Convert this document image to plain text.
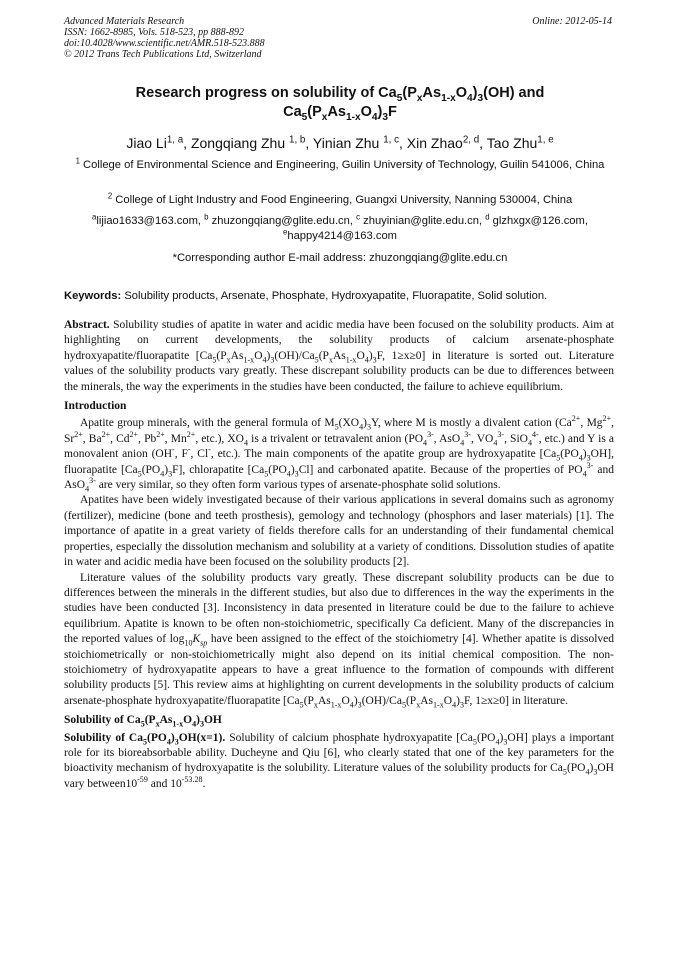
Advanced Materials Research
ISSN: 1662-8985, Vols. 518-523, pp 888-892
doi:10.4028/www.scientific.net/AMR.518-523.888
© 2012 Trans Tech Publications Ltd, Switzerland
Online: 2012-05-14
Research progress on solubility of $Ca_5(P_xAs_{1-x}O_4)_3(OH)$ and
$Ca_5(P_xAs_{1-x}O_4)_3F$
Jiao Li$^{1, a}$, Zongqiang Zhu $^{1, b}$, Yinian Zhu $^{1, c}$, Xin Zhao$^{2, d}$, Tao Zhu$^{1, e}$
$^1$ College of Environmental Science and Engineering, Guilin University of Technology, Guilin 541006, China
$^2$ College of Light Industry and Food Engineering, Guangxi University, Nanning 530004, China
$^a$lijiao1633@163.com, $^b$ zhuzongqiang@glite.edu.cn, $^c$ zhuyinian@glite.edu.cn, $^d$ glzhxgx@126.com, $^e$happy4214@163.com
*Corresponding author E-mail address: zhuzongqiang@glite.edu.cn
Keywords: Solubility products, Arsenate, Phosphate, Hydroxyapatite, Fluorapatite, Solid solution.

Abstract. Solubility studies of apatite in water and acidic media have been focused on the solubility products. Aim at highlighting on current developments, the solubility products of calcium arsenate-phosphate hydroxyapatite/fluorapatite [$Ca_5(P_xAs_{1-x}O_4)_3(OH)/Ca_5(P_xAs_{1-x}O_4)_3F$, 1≥x≥0] in literature is sorted out. Literature values of the solubility products vary greatly. These discrepant solubility products can be due to differences between the minerals, the way the experiments in the studies have been conducted, the failure to achieve equilibrium.

Introduction

Apatite group minerals, with the general formula of $M_5(XO_4)_3Y$, where M is mostly a divalent cation ($Ca^{2+}$, $Mg^{2+}$, $Sr^{2+}$, $Ba^{2+}$, $Cd^{2+}$, $Pb^{2+}$, $Mn^{2+}$, etc.), $XO_4$ is a trivalent or tetravalent anion ($PO_4^{3-}$, AsO$_4^{3-}$, $VO_4^{3-}$, SiO$_4^{4-}$, etc.) and Y is a monovalent anion (OH-, F-, Cl-, etc.). The main components of the apatite group are hydroxyapatite $[Ca_5(PO_4)_3OH]$, fluorapatite $[Ca_5(PO_4)_3F]$, chlorapatite $[Ca_5(PO_4)_3Cl]$ and carbonated apatite. Because of the properties of $PO_4^{3-}$ and AsO$_4^{3-}$ are very similar, so they often form various types of arsenate-phosphate solid solutions.

Apatites have been widely investigated because of their various applications in several domains such as agronomy (fertilizer), medicine (bone and teeth prosthesis), gemology and technology (phosphors and laser materials) [1]. The importance of apatite in a great variety of fields therefore calls for an understanding of their fundamental chemical properties, especially the dissolution mechanism and solubility at a variety of conditions. Dissolution studies of apatite in water and acidic media have been focused on the solubility products [2].

Literature values of the solubility products vary greatly. These discrepant solubility products can be due to differences between the minerals in the different studies, but also due to differences in the way the experiments in the studies have been conducted [3]. Inconsistency in data presented in literature could be due to the failure to achieve equilibrium. Apatite is known to be often non-stoichiometric, specifically Ca deficient. Many of the discrepancies in the reported values of $\log_{10}K_{sp}$ have been assigned to the effect of the stoichiometry [4]. Whether apatite is dissolved stoichiometrically or non-stoichiometrically might also depend on its initial chemical composition. The non-stoichiometry of hydroxyapatite appears to have a great influence to the formation of compounds with different solubility products [5]. This review aims at highlighting on current developments in the solubility products of calcium arsenate-phosphate hydroxyapatite/fluorapatite [$Ca_5(P_xAs_{1-x}O_4)_3(OH)/Ca_5(P_xAs_{1-x}O_4)_3F$, 1≥x≥0] in literature.

Solubility of $Ca_5(P_xAs_{1-x}O_4)_3OH$

Solubility of $Ca_5(PO_4)_3OH(x=1)$. Solubility of calcium phosphate hydroxyapatite $[Ca_5(PO_4)_3OH]$ plays a important role for its bioreabsorbable ability. Ducheyne and Qiu [6], who clearly stated that one of the key parameters for the bioactivity mechanism of hydroxyapatite is the solubility. Literature values of the solubility products for $Ca_5(PO_4)_3OH$ vary $between10^{-59}$ and $10^{-53.28}$.
